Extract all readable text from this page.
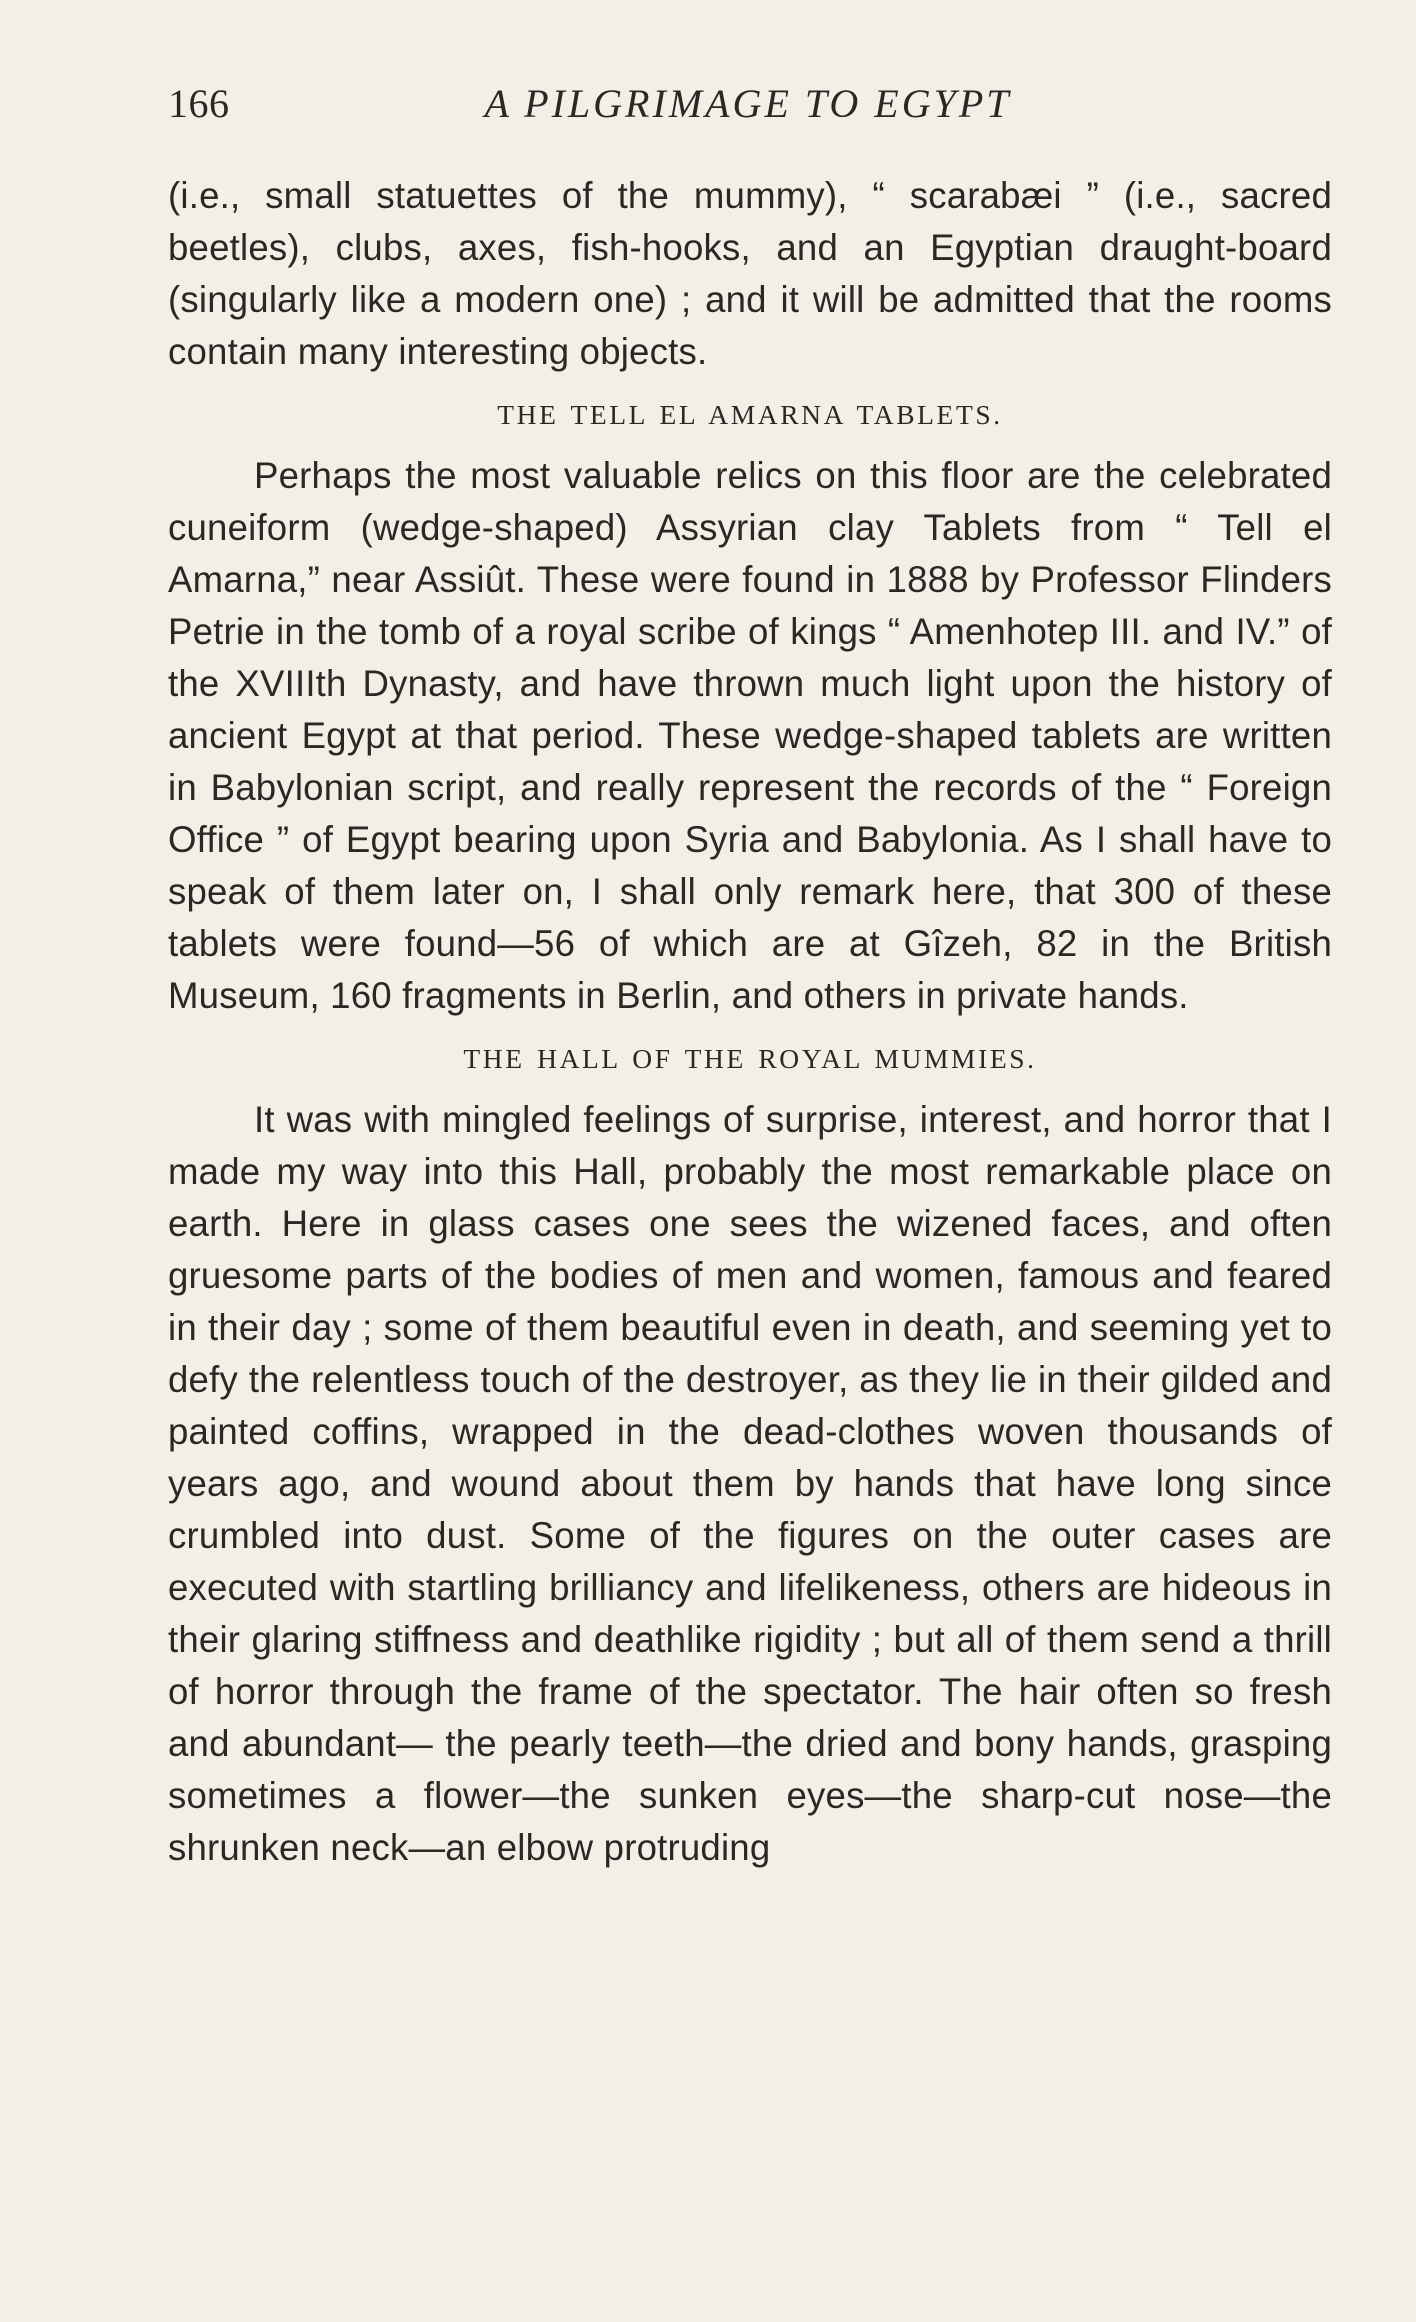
166	A PILGRIMAGE TO EGYPT

(i.e., small statuettes of the mummy), “ scarabæi ” (i.e., sacred beetles), clubs, axes, fish-hooks, and an Egyptian draught-board (singularly like a modern one) ; and it will be admitted that the rooms contain many interesting objects.

THE TELL EL AMARNA TABLETS.

Perhaps the most valuable relics on this floor are the celebrated cuneiform (wedge-shaped) Assyrian clay Tablets from “ Tell el Amarna,” near Assiût. These were found in 1888 by Professor Flinders Petrie in the tomb of a royal scribe of kings “ Amenhotep III. and IV.” of the XVIIIth Dynasty, and have thrown much light upon the history of ancient Egypt at that period. These wedge-shaped tablets are written in Babylonian script, and really represent the records of the “ Foreign Office ” of Egypt bearing upon Syria and Babylonia. As I shall have to speak of them later on, I shall only remark here, that 300 of these tablets were found—56 of which are at Gîzeh, 82 in the British Museum, 160 fragments in Berlin, and others in private hands.

THE HALL OF THE ROYAL MUMMIES.

It was with mingled feelings of surprise, interest, and horror that I made my way into this Hall, probably the most remarkable place on earth. Here in glass cases one sees the wizened faces, and often gruesome parts of the bodies of men and women, famous and feared in their day ; some of them beautiful even in death, and seeming yet to defy the relentless touch of the destroyer, as they lie in their gilded and painted coffins, wrapped in the dead-clothes woven thousands of years ago, and wound about them by hands that have long since crumbled into dust. Some of the figures on the outer cases are executed with startling brilliancy and lifelikeness, others are hideous in their glaring stiffness and deathlike rigidity ; but all of them send a thrill of horror through the frame of the spectator. The hair often so fresh and abundant— the pearly teeth—the dried and bony hands, grasping sometimes a flower—the sunken eyes—the sharp-cut nose—the shrunken neck—an elbow protruding
